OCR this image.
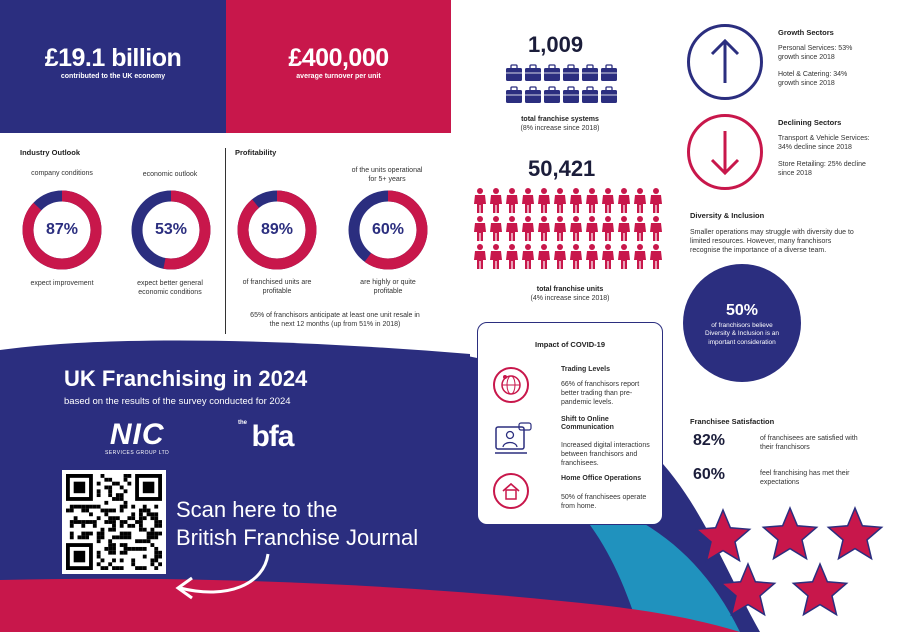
£19.1 billion
contributed to the UK economy
£400,000
average turnover per unit
Industry Outlook
company conditions
87%
expect improvement
economic outlook
53%
expect better general
economic conditions
Profitability
89%
of franchised units are
profitable
of the units operational
for 5+ years
60%
are highly or quite
profitable
65% of franchisors anticipate at least one unit resale in
the next 12 months (up from 51% in 2018)
1,009
total franchise systems
(8% increase since 2018)
50,421
total franchise units
(4% increase since 2018)
Growth Sectors
Personal Services: 53%
growth since 2018
Hotel & Catering: 34%
growth since 2018
Declining Sectors
Transport & Vehicle Services:
34% decline since 2018
Store Retailing: 25% decline
since 2018
Diversity & Inclusion
Smaller operations may struggle with diversity due to
limited resources. However, many franchisors
recognise the importance of a diverse team.
50%
of franchisors believe
Diversity & Inclusion is an
important consideration
UK Franchising in 2024
based on the results of the survey conducted for 2024
NIC
SERVICES GROUP LTD
$^{the}$ bfa
Scan here to the
British Franchise Journal
Impact of COVID-19
Trading Levels
66% of franchisors report
better trading than pre-
pandemic levels.
Shift to Online
Communication
Increased digital interactions
between franchisors and
franchisees.
Home Office Operations
50% of franchisees operate
from home.
Franchisee Satisfaction
82%	of franchisees are satisfied with
their franchisors
60%	feel franchising has met their
expectations
